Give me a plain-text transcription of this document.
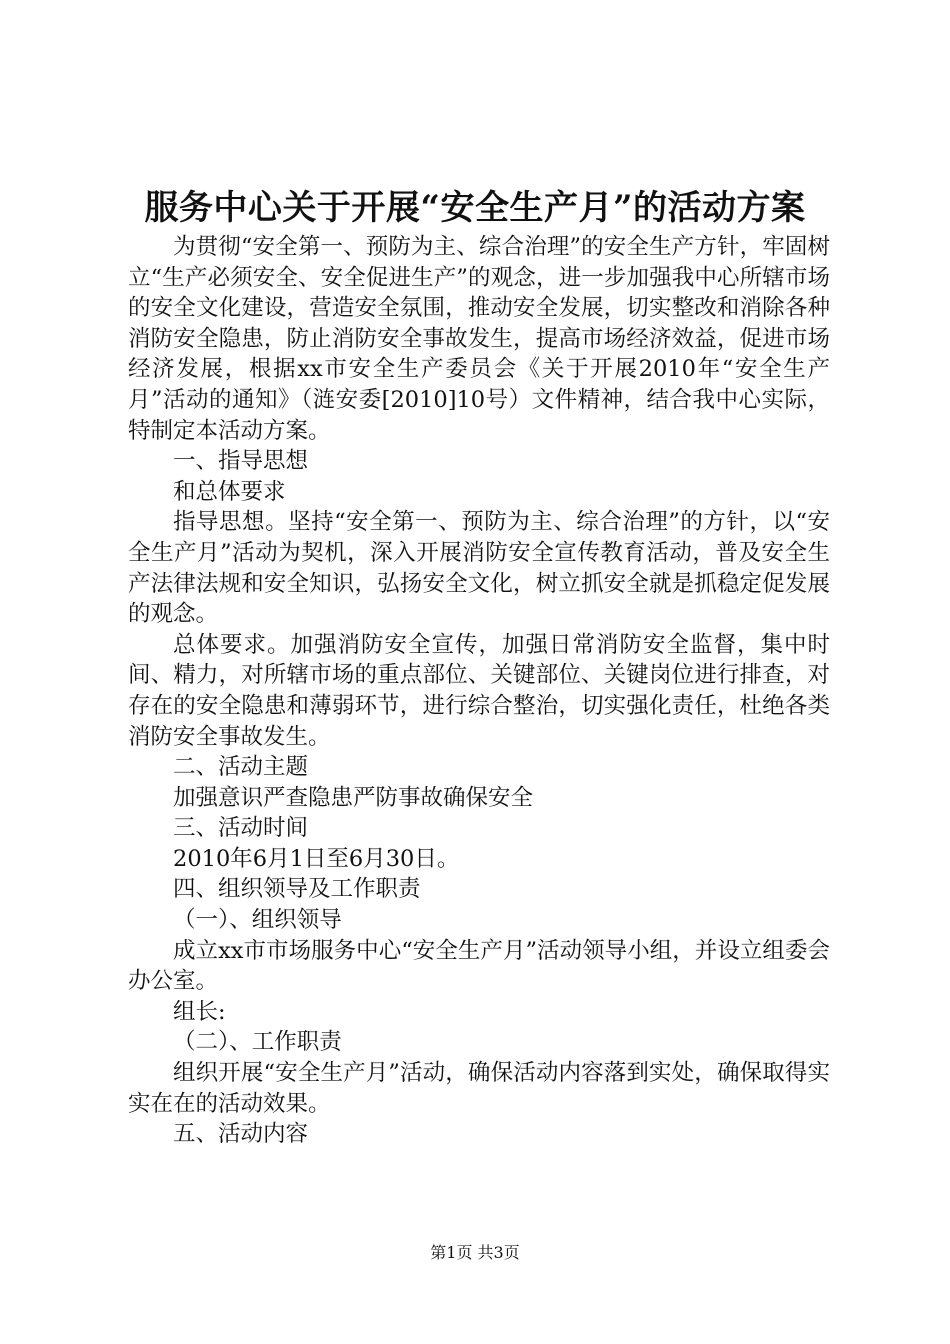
服务中心关于开展“安全生产月”的活动方案

为贯彻“安全第一、预防为主、综合治理”的安全生产方针，牢固树立“生产必须安全、安全促进生产”的观念，进一步加强我中心所辖市场的安全文化建设，营造安全氛围，推动安全发展，切实整改和消除各种消防安全隐患，防止消防安全事故发生，提高市场经济效益，促进市场经济发展，根据xx市安全生产委员会《关于开展2010年“安全生产月”活动的通知》（涟安委[2010]10号）文件精神，结合我中心实际，特制定本活动方案。

一、指导思想

和总体要求

指导思想。坚持“安全第一、预防为主、综合治理”的方针，以“安全生产月”活动为契机，深入开展消防安全宣传教育活动，普及安全生产法律法规和安全知识，弘扬安全文化，树立抓安全就是抓稳定促发展的观念。

总体要求。加强消防安全宣传，加强日常消防安全监督，集中时间、精力，对所辖市场的重点部位、关键部位、关键岗位进行排查，对存在的安全隐患和薄弱环节，进行综合整治，切实强化责任，杜绝各类消防安全事故发生。

二、活动主题

加强意识严查隐患严防事故确保安全

三、活动时间

2010年6月1日至6月30日。

四、组织领导及工作职责

（一）、组织领导

成立xx市市场服务中心“安全生产月”活动领导小组，并设立组委会办公室。

组长:

（二）、工作职责

组织开展“安全生产月”活动，确保活动内容落到实处，确保取得实实在在的活动效果。

五、活动内容

第1页 共3页
